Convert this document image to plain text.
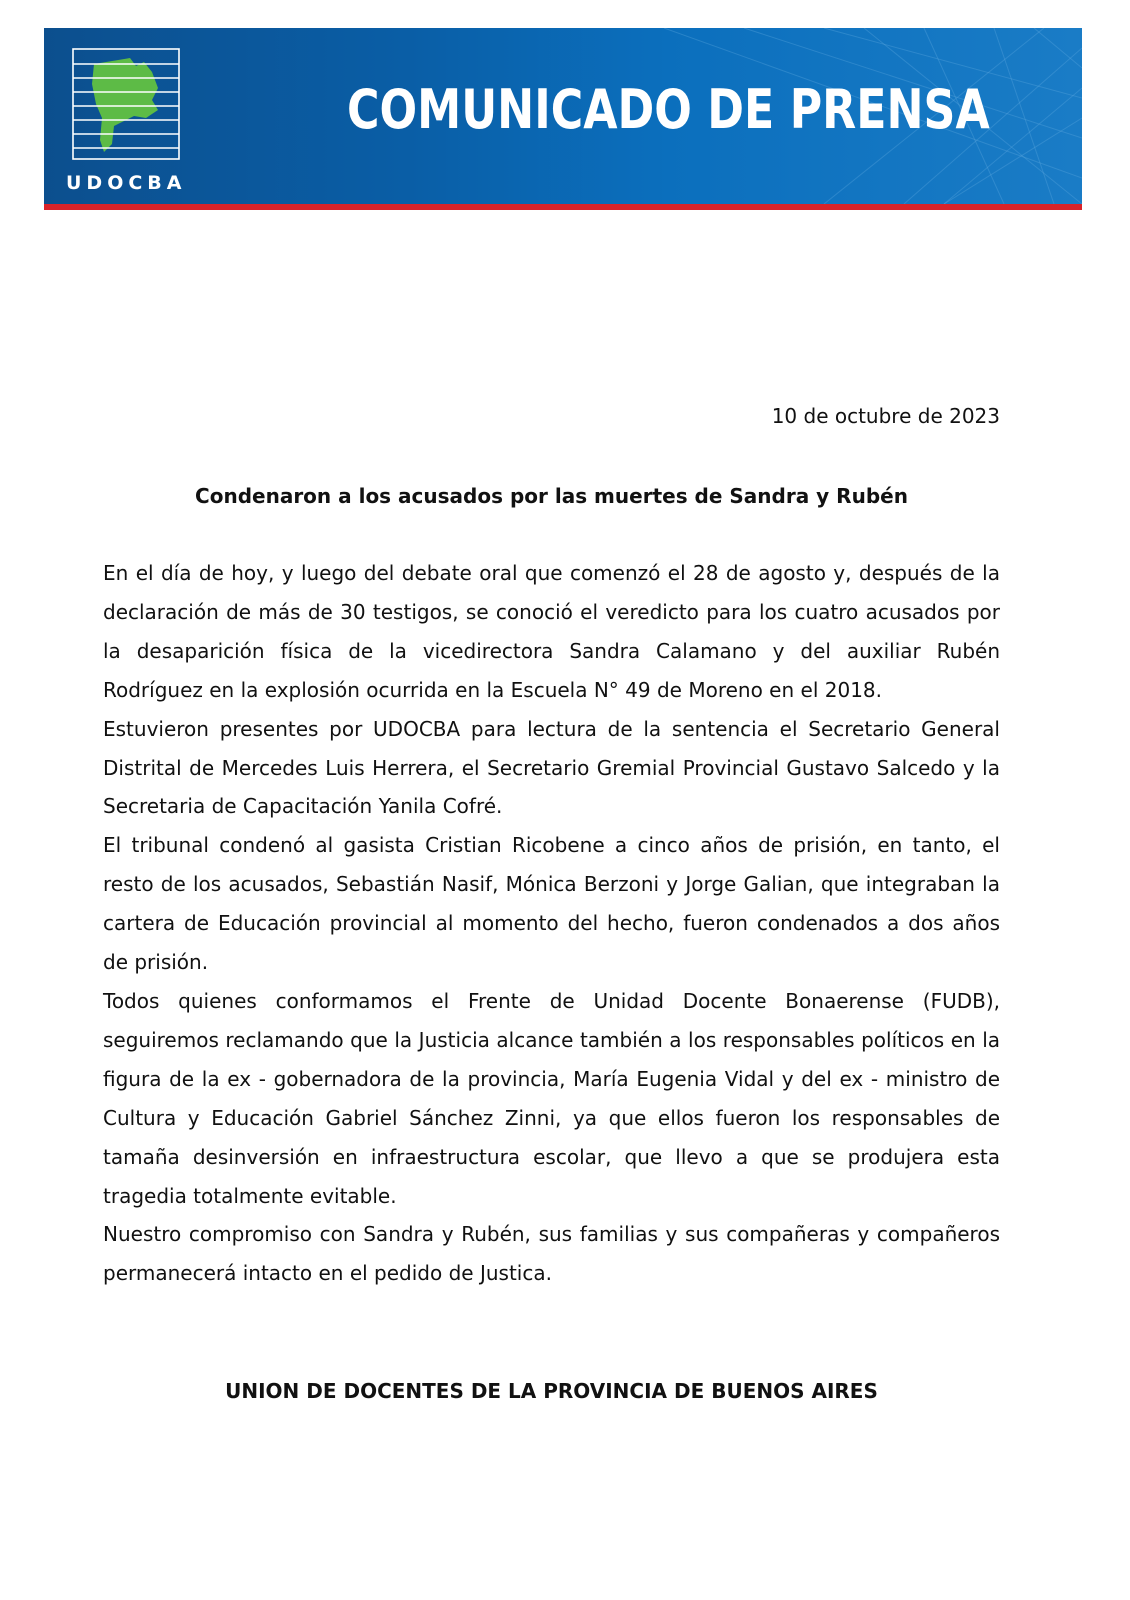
UDOCBA
COMUNICADO DE PRENSA
10 de octubre de 2023
Condenaron a los acusados por las muertes de Sandra y Rubén

En el día de hoy, y luego del debate oral que comenzó el 28 de agosto y, después de la declaración de más de 30 testigos, se conoció el veredicto para los cuatro acusados por la desaparición física de la vicedirectora Sandra Calamano y del auxiliar Rubén Rodríguez en la explosión ocurrida en la Escuela N° 49 de Moreno en el 2018.

Estuvieron presentes por UDOCBA para lectura de la sentencia el Secretario General Distrital de Mercedes Luis Herrera, el Secretario Gremial Provincial Gustavo Salcedo y la Secretaria de Capacitación Yanila Cofré.

El tribunal condenó al gasista Cristian Ricobene a cinco años de prisión, en tanto, el resto de los acusados, Sebastián Nasif, Mónica Berzoni y Jorge Galian, que integraban la cartera de Educación provincial al momento del hecho, fueron condenados a dos años de prisión.

Todos quienes conformamos el Frente de Unidad Docente Bonaerense (FUDB), seguiremos reclamando que la Justicia alcance también a los responsables políticos en la figura de la ex - gobernadora de la provincia, María Eugenia Vidal y del ex - ministro de Cultura y Educación Gabriel Sánchez Zinni, ya que ellos fueron los responsables de tamaña desinversión en infraestructura escolar, que llevo a que se produjera esta tragedia totalmente evitable.

Nuestro compromiso con Sandra y Rubén, sus familias y sus compañeras y compañeros permanecerá intacto en el pedido de Justica.

UNION DE DOCENTES DE LA PROVINCIA DE BUENOS AIRES
